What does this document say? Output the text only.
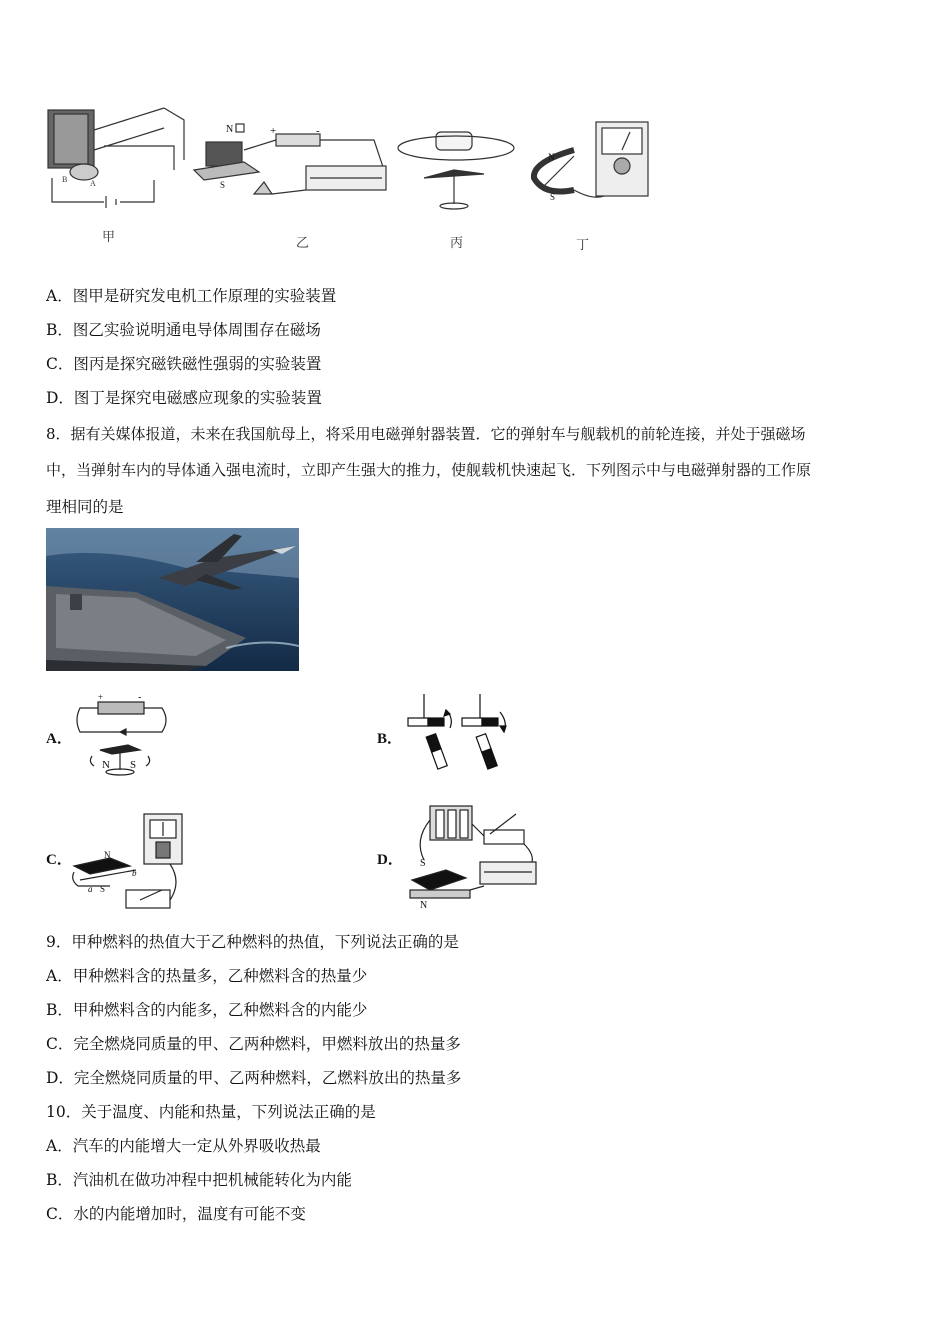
B	A
N
S
+	-
N
S
甲	乙	丙	丁
A．图甲是研究发电机工作原理的实验装置
B．图乙实验说明通电导体周围存在磁场
C．图丙是探究磁铁磁性强弱的实验装置
D．图丁是探究电磁感应现象的实验装置
8．据有关媒体报道，未来在我国航母上，将采用电磁弹射器装置．它的弹射车与舰载机的前轮连接，并处于强磁场
中，当弹射车内的导体通入强电流时，立即产生强大的推力，使舰载机快速起飞．下列图示中与电磁弹射器的工作原
理相同的是
A．
+	-
N S
B．
C．	N
S
a
b
D． S
N
9．甲种燃料的热值大于乙种燃料的热值，下列说法正确的是
A．甲种燃料含的热量多，乙种燃料含的热量少
B．甲种燃料含的内能多，乙种燃料含的内能少
C．完全燃烧同质量的甲、乙两种燃料，甲燃料放出的热量多
D．完全燃烧同质量的甲、乙两种燃料，乙燃料放出的热量多
10．关于温度、内能和热量，下列说法正确的是
A．汽车的内能增大一定从外界吸收热最
B．汽油机在做功冲程中把机械能转化为内能
C．水的内能增加时，温度有可能不变
